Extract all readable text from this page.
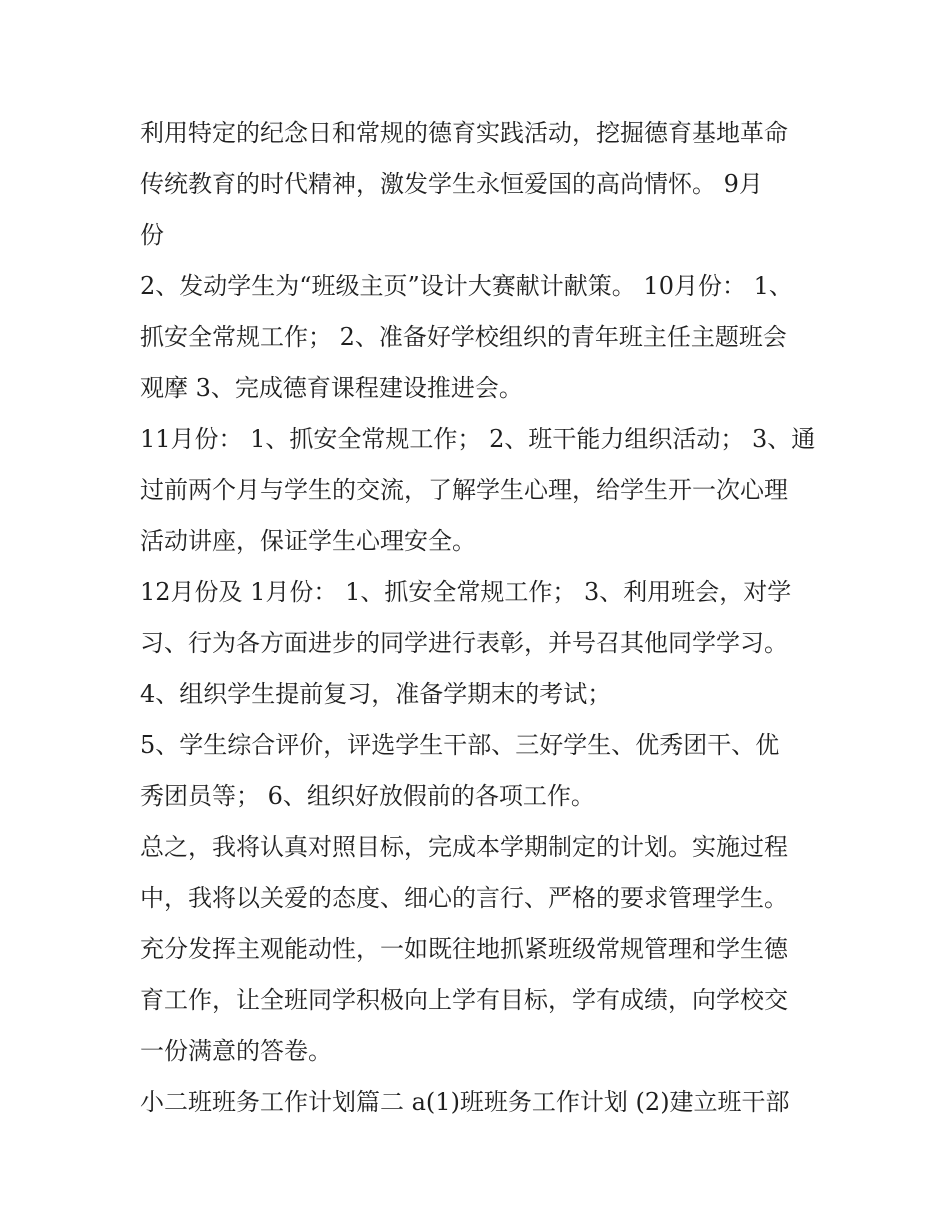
利用特定的纪念日和常规的德育实践活动，挖掘德育基地革命

传统教育的时代精神，激发学生永恒爱国的高尚情怀。 9月

份

2、发动学生为“班级主页”设计大赛献计献策。 10月份： 1、

抓安全常规工作； 2、准备好学校组织的青年班主任主题班会

观摩 3、完成德育课程建设推进会。

11月份： 1、抓安全常规工作； 2、班干能力组织活动； 3、通

过前两个月与学生的交流，了解学生心理，给学生开一次心理

活动讲座，保证学生心理安全。

12月份及 1月份： 1、抓安全常规工作； 3、利用班会，对学

习、行为各方面进步的同学进行表彰，并号召其他同学学习。

4、组织学生提前复习，准备学期末的考试；

5、学生综合评价，评选学生干部、三好学生、优秀团干、优

秀团员等； 6、组织好放假前的各项工作。

总之，我将认真对照目标，完成本学期制定的计划。实施过程

中，我将以关爱的态度、细心的言行、严格的要求管理学生。

充分发挥主观能动性，一如既往地抓紧班级常规管理和学生德

育工作，让全班同学积极向上学有目标，学有成绩，向学校交

一份满意的答卷。

小二班班务工作计划篇二 a(1)班班务工作计划 (2)建立班干部
